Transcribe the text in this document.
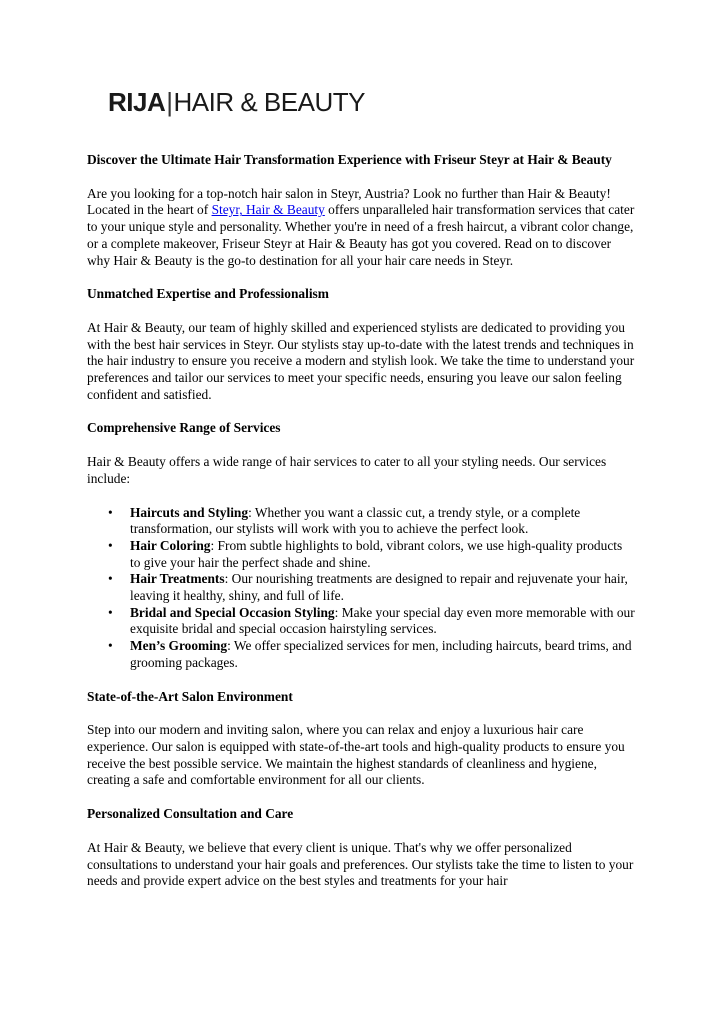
RIJA|HAIR & BEAUTY

Discover the Ultimate Hair Transformation Experience with Friseur Steyr at Hair & Beauty

Are you looking for a top-notch hair salon in Steyr, Austria? Look no further than Hair & Beauty! Located in the heart of Steyr, Hair & Beauty offers unparalleled hair transformation services that cater to your unique style and personality. Whether you're in need of a fresh haircut, a vibrant color change, or a complete makeover, Friseur Steyr at Hair & Beauty has got you covered. Read on to discover why Hair & Beauty is the go-to destination for all your hair care needs in Steyr.

Unmatched Expertise and Professionalism

At Hair & Beauty, our team of highly skilled and experienced stylists are dedicated to providing you with the best hair services in Steyr. Our stylists stay up-to-date with the latest trends and techniques in the hair industry to ensure you receive a modern and stylish look. We take the time to understand your preferences and tailor our services to meet your specific needs, ensuring you leave our salon feeling confident and satisfied.

Comprehensive Range of Services

Hair & Beauty offers a wide range of hair services to cater to all your styling needs. Our services include:

• Haircuts and Styling: Whether you want a classic cut, a trendy style, or a complete transformation, our stylists will work with you to achieve the perfect look.
• Hair Coloring: From subtle highlights to bold, vibrant colors, we use high-quality products to give your hair the perfect shade and shine.
• Hair Treatments: Our nourishing treatments are designed to repair and rejuvenate your hair, leaving it healthy, shiny, and full of life.
• Bridal and Special Occasion Styling: Make your special day even more memorable with our exquisite bridal and special occasion hairstyling services.
• Men’s Grooming: We offer specialized services for men, including haircuts, beard trims, and grooming packages.

State-of-the-Art Salon Environment

Step into our modern and inviting salon, where you can relax and enjoy a luxurious hair care experience. Our salon is equipped with state-of-the-art tools and high-quality products to ensure you receive the best possible service. We maintain the highest standards of cleanliness and hygiene, creating a safe and comfortable environment for all our clients.

Personalized Consultation and Care

At Hair & Beauty, we believe that every client is unique. That's why we offer personalized consultations to understand your hair goals and preferences. Our stylists take the time to listen to your needs and provide expert advice on the best styles and treatments for your hair
